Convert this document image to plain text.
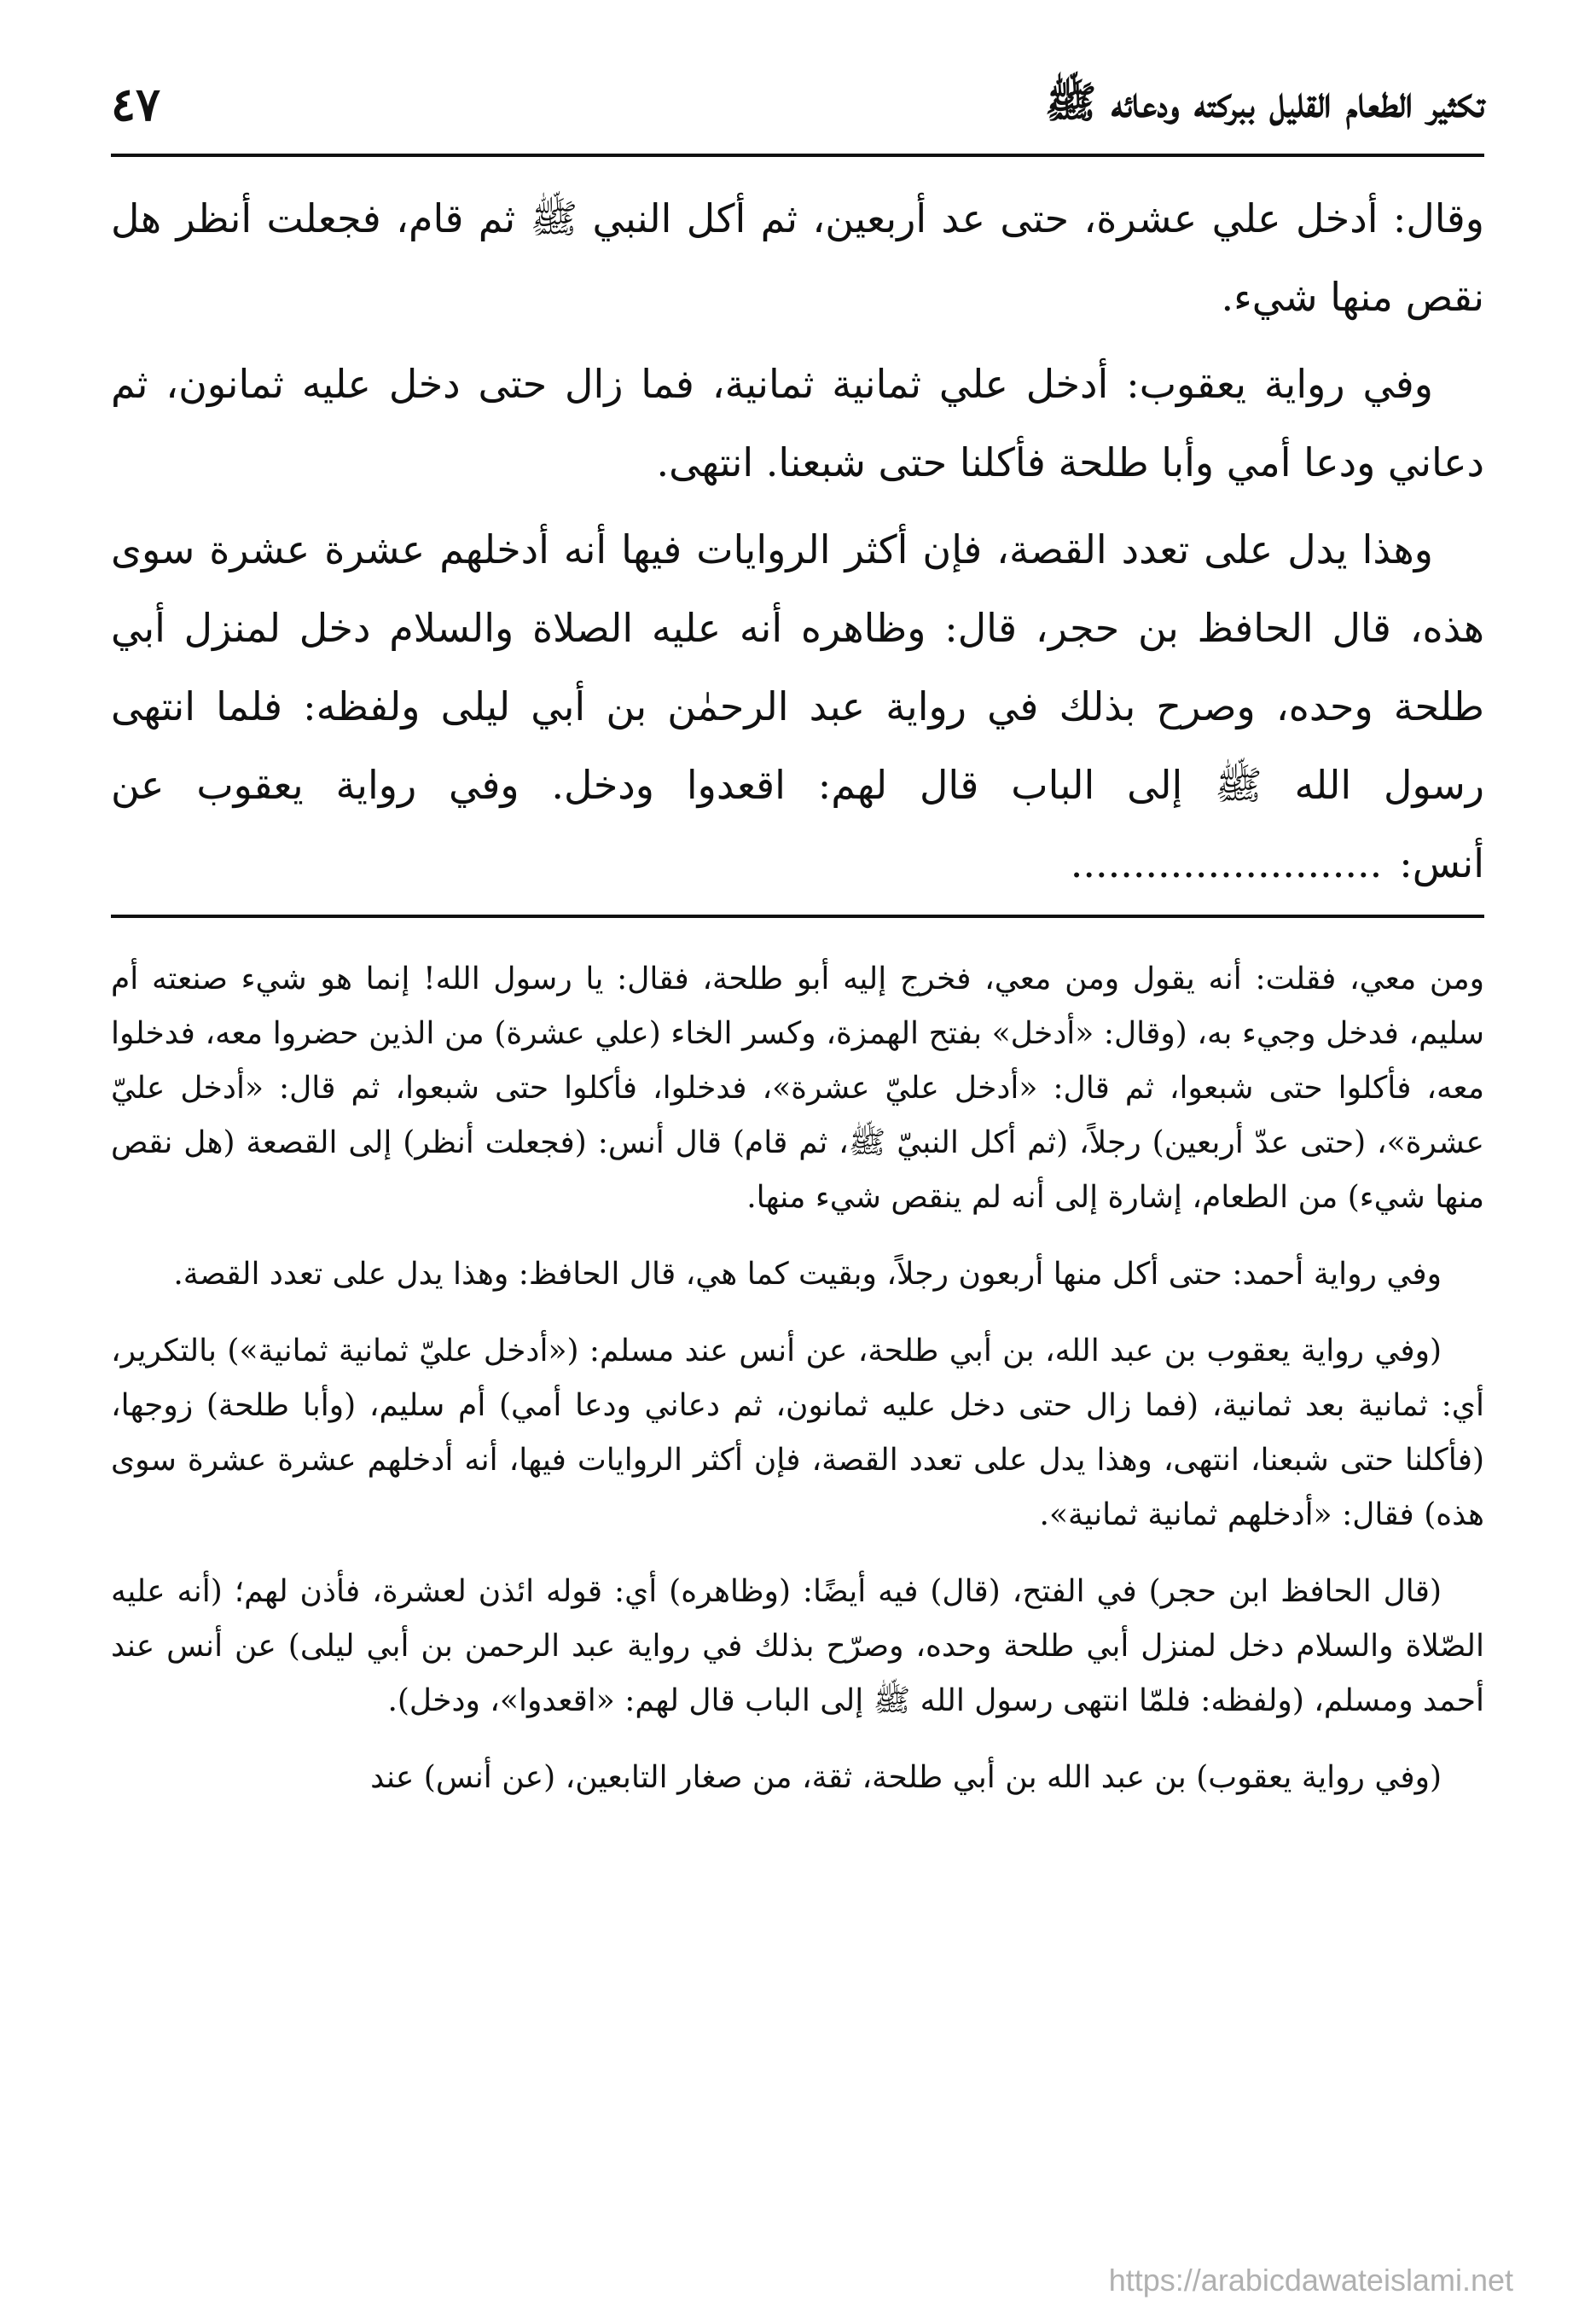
تكثير الطعام القليل ببركته ودعائه ﷺ
٤٧

وقال: أدخل علي عشرة، حتى عد أربعين، ثم أكل النبي ﷺ ثم قام، فجعلت أنظر هل نقص منها شيء.

وفي رواية يعقوب: أدخل علي ثمانية ثمانية، فما زال حتى دخل عليه ثمانون، ثم دعاني ودعا أمي وأبا طلحة فأكلنا حتى شبعنا. انتهى.

وهذا يدل على تعدد القصة، فإن أكثر الروايات فيها أنه أدخلهم عشرة عشرة سوى هذه، قال الحافظ بن حجر، قال: وظاهره أنه عليه الصلاة والسلام دخل لمنزل أبي طلحة وحده، وصرح بذلك في رواية عبد الرحمٰن بن أبي ليلى ولفظه: فلما انتهى رسول الله ﷺ إلى الباب قال لهم: اقعدوا ودخل. وفي رواية يعقوب عن أنس:.........................

ومن معي، فقلت: أنه يقول ومن معي، فخرج إليه أبو طلحة، فقال: يا رسول الله! إنما هو شيء صنعته أم سليم، فدخل وجيء به، (وقال: «أدخل» بفتح الهمزة، وكسر الخاء (علي عشرة) من الذين حضروا معه، فدخلوا معه، فأكلوا حتى شبعوا، ثم قال: «أدخل عليّ عشرة»، فدخلوا، فأكلوا حتى شبعوا، ثم قال: «أدخل عليّ عشرة»، (حتى عدّ أربعين) رجلاً، (ثم أكل النبيّ ﷺ، ثم قام) قال أنس: (فجعلت أنظر) إلى القصعة (هل نقص منها شيء) من الطعام، إشارة إلى أنه لم ينقص شيء منها.

وفي رواية أحمد: حتى أكل منها أربعون رجلاً، وبقيت كما هي، قال الحافظ: وهذا يدل على تعدد القصة.

(وفي رواية يعقوب بن عبد الله، بن أبي طلحة، عن أنس عند مسلم: («أدخل عليّ ثمانية ثمانية») بالتكرير، أي: ثمانية بعد ثمانية، (فما زال حتى دخل عليه ثمانون، ثم دعاني ودعا أمي) أم سليم، (وأبا طلحة) زوجها، (فأكلنا حتى شبعنا، انتهى، وهذا يدل على تعدد القصة، فإن أكثر الروايات فيها، أنه أدخلهم عشرة عشرة سوى هذه) فقال: «أدخلهم ثمانية ثمانية».

(قال الحافظ ابن حجر) في الفتح، (قال) فيه أيضًا: (وظاهره) أي: قوله ائذن لعشرة، فأذن لهم؛ (أنه عليه الصّلاة والسلام دخل لمنزل أبي طلحة وحده، وصرّح بذلك في رواية عبد الرحمن بن أبي ليلى) عن أنس عند أحمد ومسلم، (ولفظه: فلمّا انتهى رسول الله ﷺ إلى الباب قال لهم: «اقعدوا»، ودخل).

(وفي رواية يعقوب) بن عبد الله بن أبي طلحة، ثقة، من صغار التابعين، (عن أنس) عند

https://arabicdawateislami.net
